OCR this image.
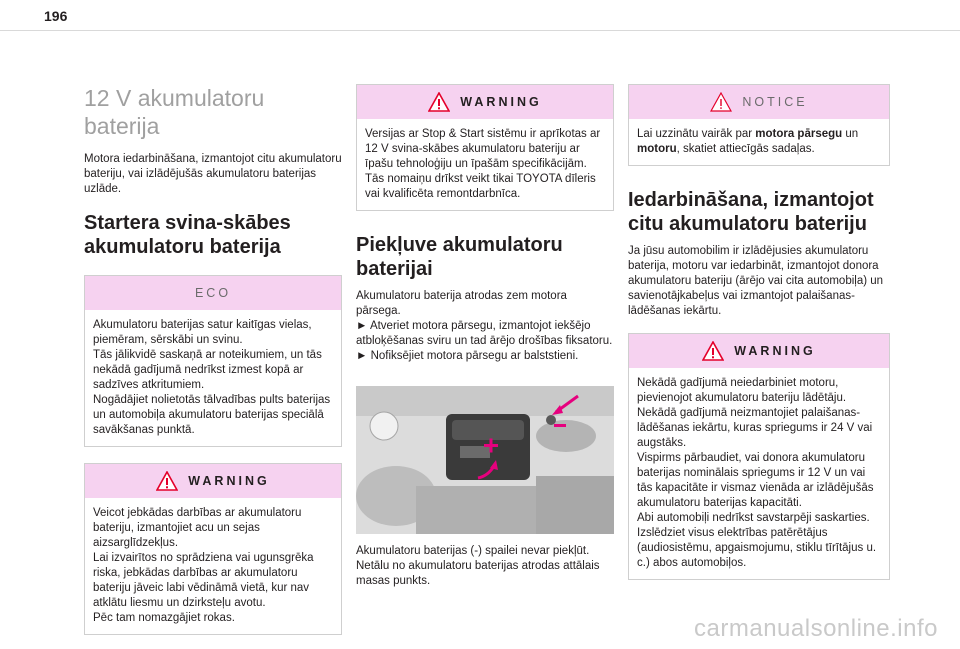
196
12 V akumulatoru baterija

Motora iedarbināšana, izmantojot citu akumulatoru bateriju, vai izlādējušās akumulatoru baterijas uzlāde.

Startera svina-skābes akumulatoru baterija
ECO
Akumulatoru baterijas satur kaitīgas vielas, piemēram, sērskābi un svinu.
Tās jālikvidē saskaņā ar noteikumiem, un tās nekādā gadījumā nedrīkst izmest kopā ar sadzīves atkritumiem.
Nogādājiet nolietotās tālvadības pults baterijas un automobiļa akumulatoru baterijas speciālā savākšanas punktā.
WARNING
Veicot jebkādas darbības ar akumulatoru bateriju, izmantojiet acu un sejas aizsarglīdzekļus.
Lai izvairītos no sprādziena vai ugunsgrēka riska, jebkādas darbības ar akumulatoru bateriju jāveic labi vēdināmā vietā, kur nav atklātu liesmu un dzirksteļu avotu.
Pēc tam nomazgājiet rokas.
WARNING
Versijas ar Stop & Start sistēmu ir aprīkotas ar 12 V svina-skābes akumulatoru bateriju ar īpašu tehnoloģiju un īpašām specifikācijām. Tās nomaiņu drīkst veikt tikai TOYOTA dīleris vai kvalificēta remontdarbnīca.
Piekļuve akumulatoru baterijai

Akumulatoru baterija atrodas zem motora pārsega.
► Atveriet motora pārsegu, izmantojot iekšējo atbloķēšanas sviru un tad ārējo drošības fiksatoru.
► Nofiksējiet motora pārsegu ar balststieni.

Akumulatoru baterijas (-) spailei nevar piekļūt. Netālu no akumulatoru baterijas atrodas attālais masas punkts.

NOTICE
Lai uzzinātu vairāk par motora pārsegu un motoru, skatiet attiecīgās sadaļas.
Iedarbināšana, izmantojot citu akumulatoru bateriju

Ja jūsu automobilim ir izlādējusies akumulatoru baterija, motoru var iedarbināt, izmantojot donora akumulatoru bateriju (ārējo vai cita automobiļa) un savienotājkabeļus vai izmantojot palaišanas-lādēšanas iekārtu.

WARNING
Nekādā gadījumā neiedarbiniet motoru, pievienojot akumulatoru bateriju lādētāju.
Nekādā gadījumā neizmantojiet palaišanas-lādēšanas iekārtu, kuras spriegums ir 24 V vai augstāks.
Vispirms pārbaudiet, vai donora akumulatoru baterijas nominālais spriegums ir 12 V un vai tās kapacitāte ir vismaz vienāda ar izlādējušās akumulatoru baterijas kapacitāti.
Abi automobiļi nedrīkst savstarpēji saskarties.
Izslēdziet visus elektrības patērētājus (audiosistēmu, apgaismojumu, stiklu tīrītājus u. c.) abos automobiļos.
carmanualsonline.info
